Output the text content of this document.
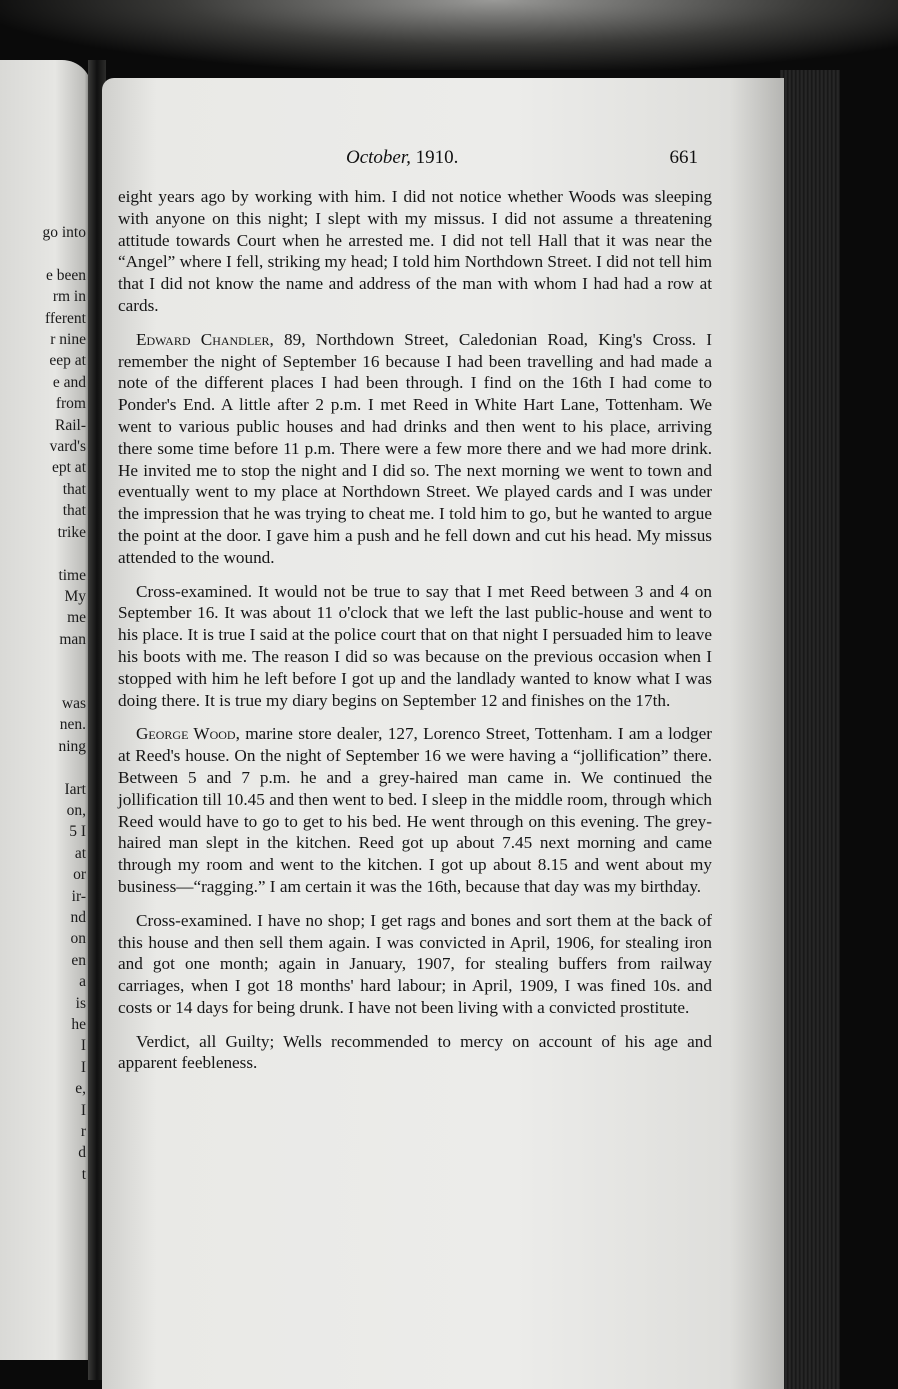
go into

e been
rm in
fferent
r nine
eep at
e and
from
Rail-
vard's
ept at
that
that
trike

time
My
me
man

was
nen.
ning

Iart
on,
5 I
at
or
ir-
nd
on
en
a
is
he
I
I
e,
I
r
d
t
October, 1910.	661

eight years ago by working with him. I did not notice whether Woods was sleeping with anyone on this night; I slept with my missus. I did not assume a threatening attitude towards Court when he arrested me. I did not tell Hall that it was near the “Angel” where I fell, striking my head; I told him Northdown Street. I did not tell him that I did not know the name and address of the man with whom I had had a row at cards.

Edward Chandler, 89, Northdown Street, Caledonian Road, King's Cross. I remember the night of September 16 because I had been travelling and had made a note of the different places I had been through. I find on the 16th I had come to Ponder's End. A little after 2 p.m. I met Reed in White Hart Lane, Tottenham. We went to various public houses and had drinks and then went to his place, arriving there some time before 11 p.m. There were a few more there and we had more drink. He invited me to stop the night and I did so. The next morning we went to town and eventually went to my place at Northdown Street. We played cards and I was under the impression that he was trying to cheat me. I told him to go, but he wanted to argue the point at the door. I gave him a push and he fell down and cut his head. My missus attended to the wound.

Cross-examined. It would not be true to say that I met Reed between 3 and 4 on September 16. It was about 11 o'clock that we left the last public-house and went to his place. It is true I said at the police court that on that night I persuaded him to leave his boots with me. The reason I did so was because on the previous occasion when I stopped with him he left before I got up and the landlady wanted to know what I was doing there. It is true my diary begins on September 12 and finishes on the 17th.

George Wood, marine store dealer, 127, Lorenco Street, Tottenham. I am a lodger at Reed's house. On the night of September 16 we were having a “jollification” there. Between 5 and 7 p.m. he and a grey-haired man came in. We continued the jollification till 10.45 and then went to bed. I sleep in the middle room, through which Reed would have to go to get to his bed. He went through on this evening. The grey-haired man slept in the kitchen. Reed got up about 7.45 next morning and came through my room and went to the kitchen. I got up about 8.15 and went about my business—“ragging.” I am certain it was the 16th, because that day was my birthday.

Cross-examined. I have no shop; I get rags and bones and sort them at the back of this house and then sell them again. I was convicted in April, 1906, for stealing iron and got one month; again in January, 1907, for stealing buffers from railway carriages, when I got 18 months' hard labour; in April, 1909, I was fined 10s. and costs or 14 days for being drunk. I have not been living with a convicted prostitute.

Verdict, all Guilty; Wells recommended to mercy on account of his age and apparent feebleness.
